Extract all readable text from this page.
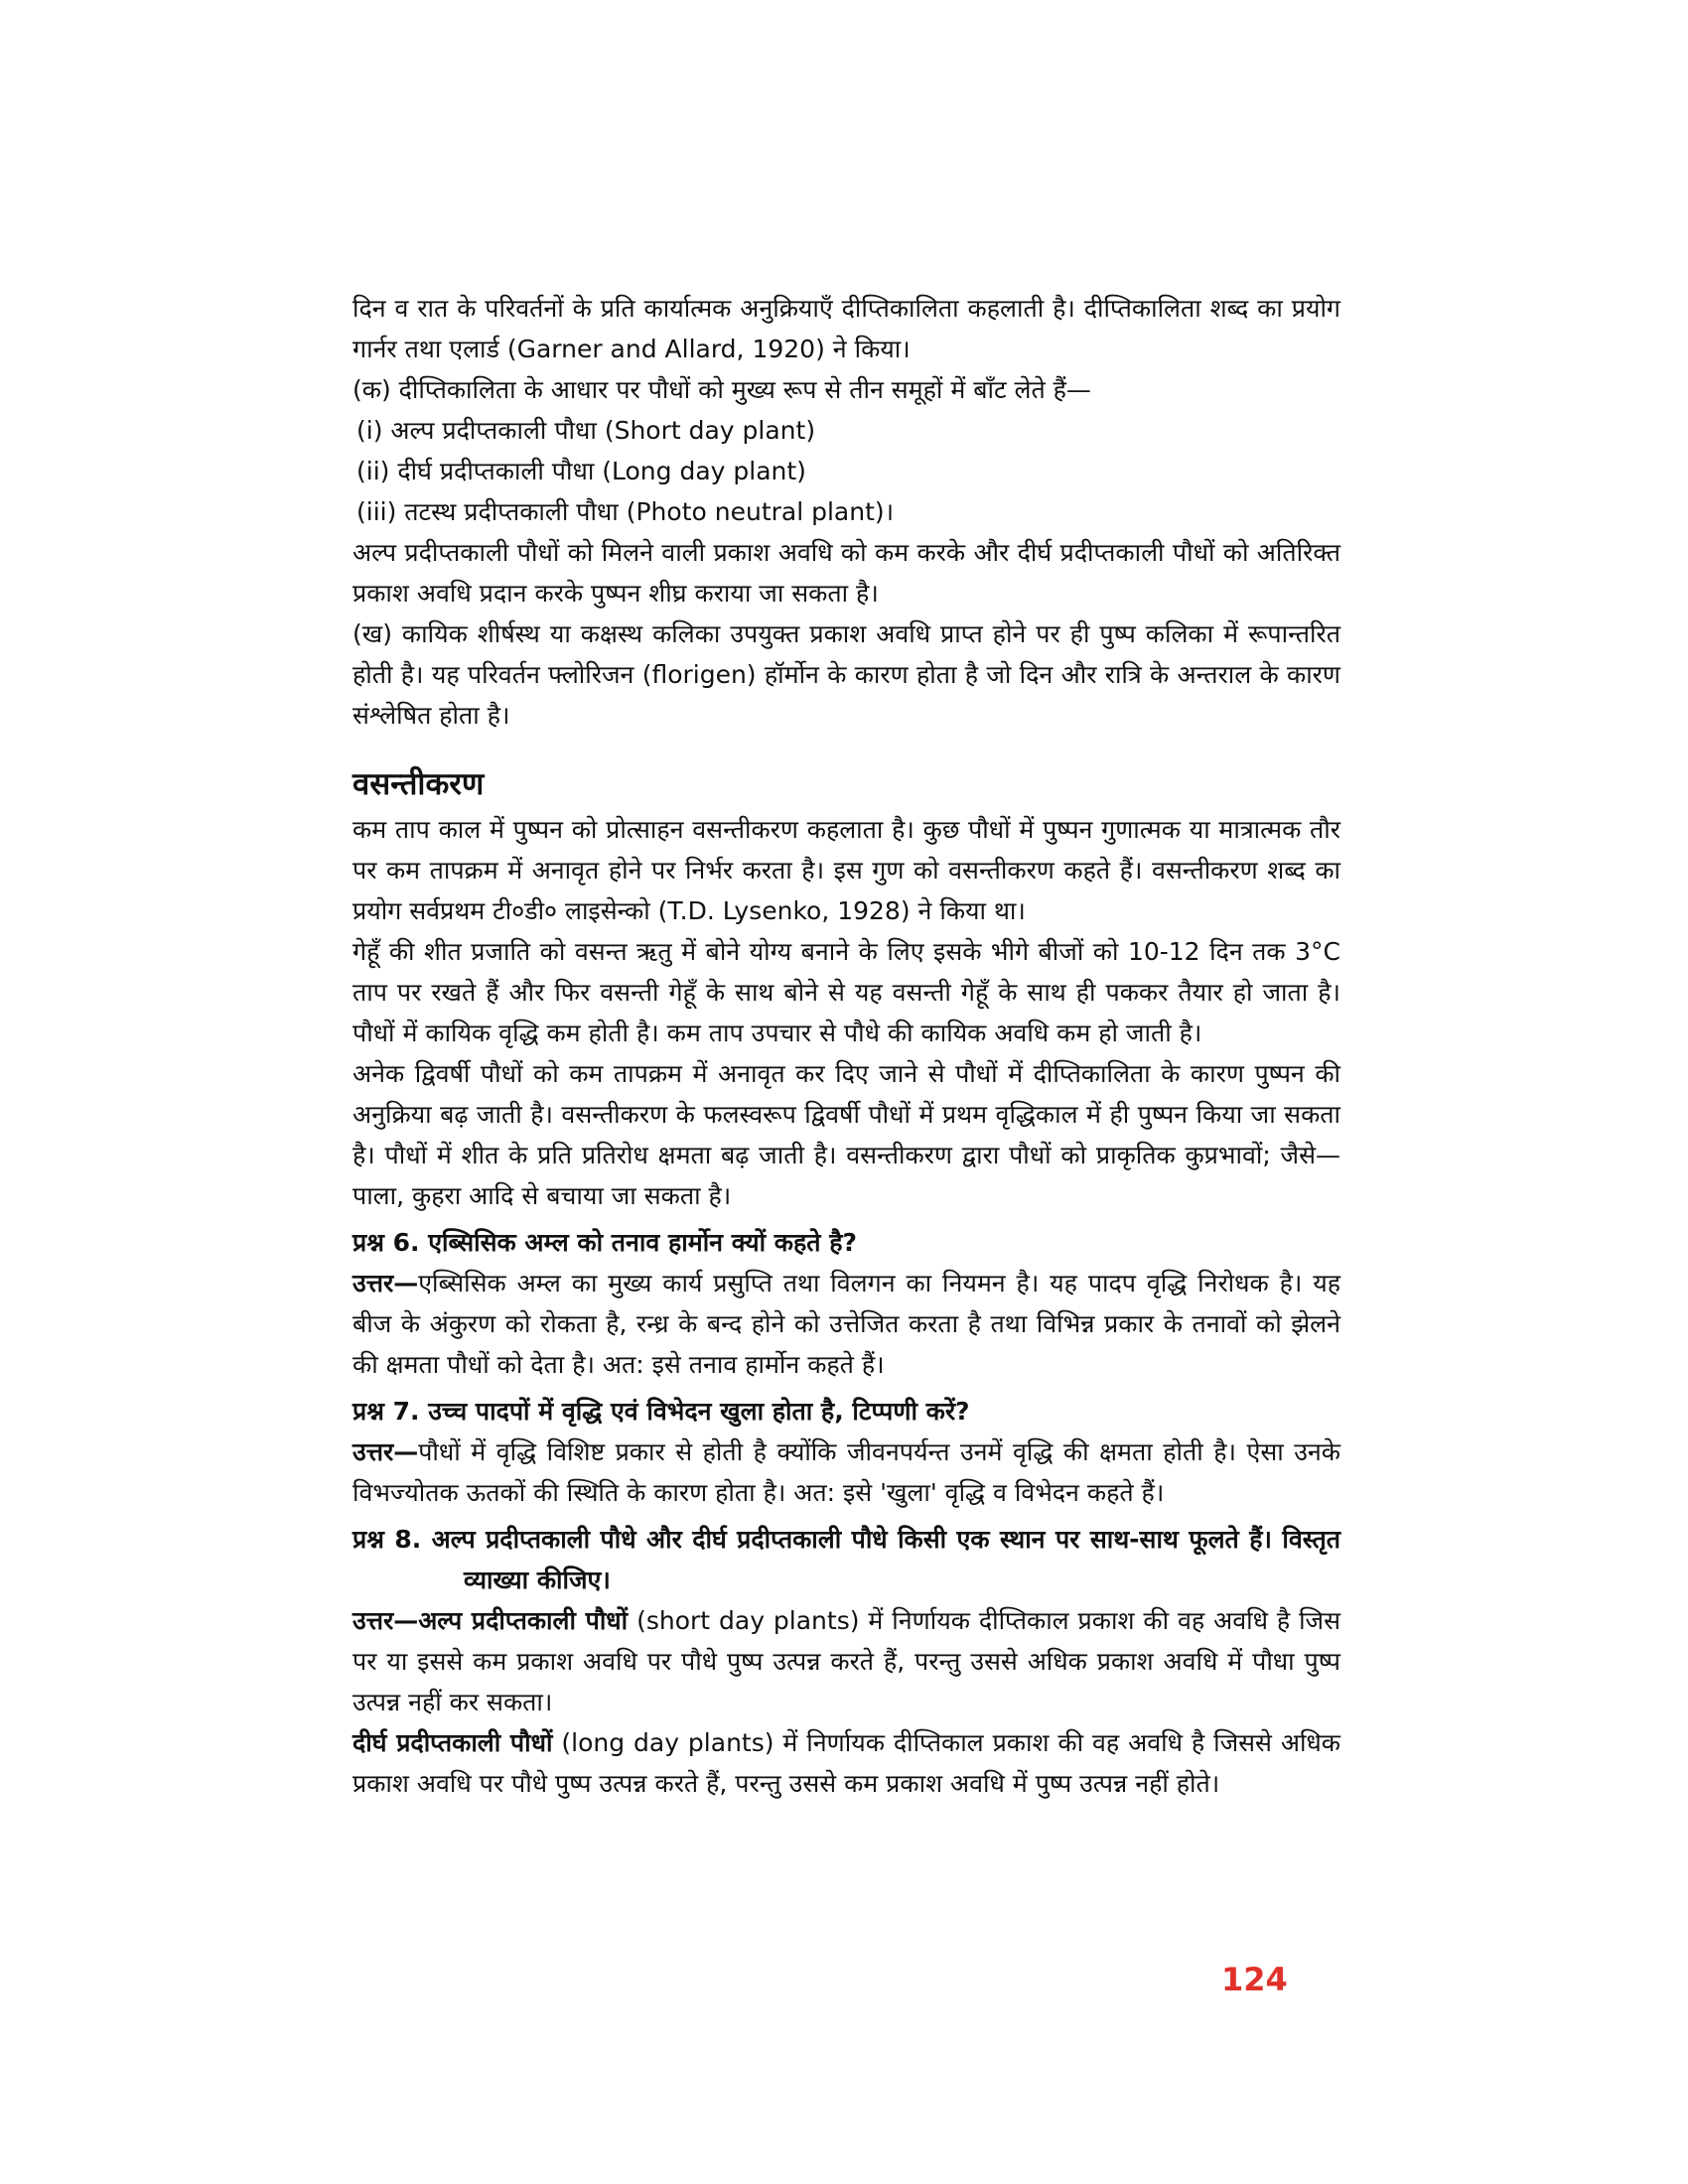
दिन व रात के परिवर्तनों के प्रति कार्यात्मक अनुक्रियाएँ दीप्तिकालिता कहलाती है। दीप्तिकालिता शब्द का प्रयोग गार्नर तथा एलार्ड (Garner and Allard, 1920) ने किया।

(क) दीप्तिकालिता के आधार पर पौधों को मुख्य रूप से तीन समूहों में बाँट लेते हैं—

(i) अल्प प्रदीप्तकाली पौधा (Short day plant)

(ii) दीर्घ प्रदीप्तकाली पौधा (Long day plant)

(iii) तटस्थ प्रदीप्तकाली पौधा (Photo neutral plant)।

अल्प प्रदीप्तकाली पौधों को मिलने वाली प्रकाश अवधि को कम करके और दीर्घ प्रदीप्तकाली पौधों को अतिरिक्त प्रकाश अवधि प्रदान करके पुष्पन शीघ्र कराया जा सकता है।

(ख) कायिक शीर्षस्थ या कक्षस्थ कलिका उपयुक्त प्रकाश अवधि प्राप्त होने पर ही पुष्प कलिका में रूपान्तरित होती है। यह परिवर्तन फ्लोरिजन (florigen) हॉर्मोन के कारण होता है जो दिन और रात्रि के अन्तराल के कारण संश्लेषित होता है।

वसन्तीकरण

कम ताप काल में पुष्पन को प्रोत्साहन वसन्तीकरण कहलाता है। कुछ पौधों में पुष्पन गुणात्मक या मात्रात्मक तौर पर कम तापक्रम में अनावृत होने पर निर्भर करता है। इस गुण को वसन्तीकरण कहते हैं। वसन्तीकरण शब्द का प्रयोग सर्वप्रथम टी०डी० लाइसेन्को (T.D. Lysenko, 1928) ने किया था।

गेहूँ की शीत प्रजाति को वसन्त ऋतु में बोने योग्य बनाने के लिए इसके भीगे बीजों को 10-12 दिन तक 3°C ताप पर रखते हैं और फिर वसन्ती गेहूँ के साथ बोने से यह वसन्ती गेहूँ के साथ ही पककर तैयार हो जाता है। पौधों में कायिक वृद्धि कम होती है। कम ताप उपचार से पौधे की कायिक अवधि कम हो जाती है।

अनेक द्विवर्षी पौधों को कम तापक्रम में अनावृत कर दिए जाने से पौधों में दीप्तिकालिता के कारण पुष्पन की अनुक्रिया बढ़ जाती है। वसन्तीकरण के फलस्वरूप द्विवर्षी पौधों में प्रथम वृद्धिकाल में ही पुष्पन किया जा सकता है। पौधों में शीत के प्रति प्रतिरोध क्षमता बढ़ जाती है। वसन्तीकरण द्वारा पौधों को प्राकृतिक कुप्रभावों; जैसे—पाला, कुहरा आदि से बचाया जा सकता है।

प्रश्न 6. एब्सिसिक अम्ल को तनाव हार्मोन क्यों कहते है?

उत्तर—एब्सिसिक अम्ल का मुख्य कार्य प्रसुप्ति तथा विलगन का नियमन है। यह पादप वृद्धि निरोधक है। यह बीज के अंकुरण को रोकता है, रन्ध्र के बन्द होने को उत्तेजित करता है तथा विभिन्न प्रकार के तनावों को झेलने की क्षमता पौधों को देता है। अत: इसे तनाव हार्मोन कहते हैं।

प्रश्न 7. उच्च पादपों में वृद्धि एवं विभेदन खुला होता है, टिप्पणी करें?

उत्तर—पौधों में वृद्धि विशिष्ट प्रकार से होती है क्योंकि जीवनपर्यन्त उनमें वृद्धि की क्षमता होती है। ऐसा उनके विभज्योतक ऊतकों की स्थिति के कारण होता है। अत: इसे 'खुला' वृद्धि व विभेदन कहते हैं।

प्रश्न 8. अल्प प्रदीप्तकाली पौधे और दीर्घ प्रदीप्तकाली पौधे किसी एक स्थान पर साथ-साथ फूलते हैं। विस्तृत व्याख्या कीजिए।

उत्तर—अल्प प्रदीप्तकाली पौधों (short day plants) में निर्णायक दीप्तिकाल प्रकाश की वह अवधि है जिस पर या इससे कम प्रकाश अवधि पर पौधे पुष्प उत्पन्न करते हैं, परन्तु उससे अधिक प्रकाश अवधि में पौधा पुष्प उत्पन्न नहीं कर सकता।

दीर्घ प्रदीप्तकाली पौधों (long day plants) में निर्णायक दीप्तिकाल प्रकाश की वह अवधि है जिससे अधिक प्रकाश अवधि पर पौधे पुष्प उत्पन्न करते हैं, परन्तु उससे कम प्रकाश अवधि में पुष्प उत्पन्न नहीं होते।

124
